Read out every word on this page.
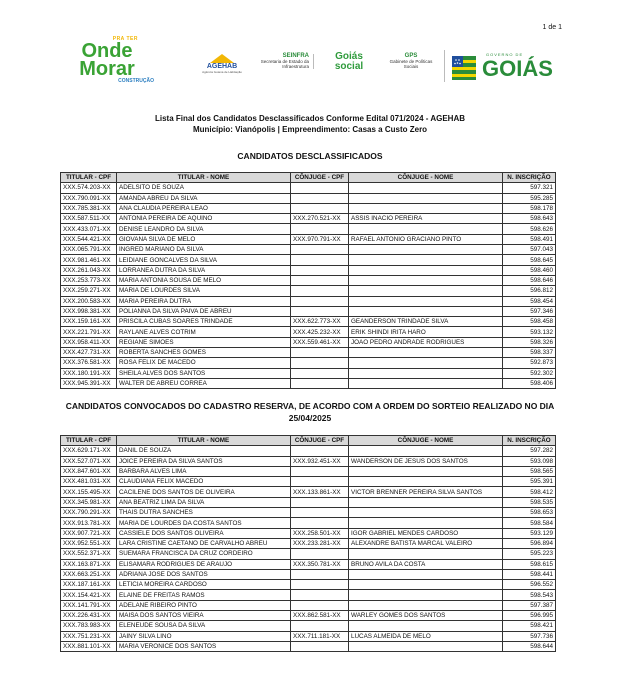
1 de 1
PRA TER
Onde
Morar
CONSTRUÇÃO
AGEHAB
Agência Goiana de Habitação
SEINFRA
Secretaria de Estado da Infraestrutura
Goiás
social
GPS
Gabinete de Políticas Sociais
GOVERNO DE
GOIÁS
Lista Final dos Candidatos Desclassificados Conforme Edital 071/2024 - AGEHAB
Município: Vianópolis | Empreendimento: Casas a Custo Zero
CANDIDATOS DESCLASSIFICADOS
TITULAR - CPF	TITULAR - NOME	CÔNJUGE - CPF	CÔNJUGE - NOME	N. INSCRIÇÃO
XXX.574.203-XX	ADELSITO DE SOUZA			597.321
XXX.790.091-XX	AMANDA ABREU DA SILVA			595.285
XXX.785.381-XX	ANA CLAUDIA PEREIRA LEAO			598.178
XXX.587.511-XX	ANTONIA PEREIRA DE AQUINO	XXX.270.521-XX	ASSIS INACIO PEREIRA	598.643
XXX.433.071-XX	DENISE LEANDRO DA SILVA			598.626
XXX.544.421-XX	GIOVANA SILVA DE MELO	XXX.970.791-XX	RAFAEL ANTONIO GRACIANO PINTO	598.491
XXX.065.791-XX	INGRED MARIANO DA SILVA			597.043
XXX.981.461-XX	LEIDIANE GONCALVES DA SILVA			598.645
XXX.261.043-XX	LORRANEA DUTRA DA SILVA			598.460
XXX.253.773-XX	MARIA ANTONIA SOUSA DE MELO			598.646
XXX.259.271-XX	MARIA DE LOURDES SILVA			596.812
XXX.200.583-XX	MARIA PEREIRA DUTRA			598.454
XXX.998.381-XX	POLIANNA DA SILVA PAIVA DE ABREU			597.346
XXX.159.161-XX	PRISCILA CUBAS SOARES TRINDADE	XXX.622.773-XX	GEANDERSON TRINDADE SILVA	598.458
XXX.221.791-XX	RAYLANE ALVES COTRIM	XXX.425.232-XX	ERIK SHINDI IRITA HARO	593.132
XXX.958.411-XX	REGIANE SIMOES	XXX.559.461-XX	JOAO PEDRO ANDRADE RODRIGUES	598.326
XXX.427.731-XX	ROBERTA SANCHES GOMES			598.337
XXX.376.581-XX	ROSA FELIX DE MACEDO			592.873
XXX.180.191-XX	SHEILA ALVES DOS SANTOS			592.302
XXX.945.391-XX	WALTER DE ABREU CORREA			598.406
CANDIDATOS CONVOCADOS DO CADASTRO RESERVA, DE ACORDO COM A ORDEM DO SORTEIO REALIZADO NO DIA
25/04/2025
TITULAR - CPF	TITULAR - NOME	CÔNJUGE - CPF	CÔNJUGE - NOME	N. INSCRIÇÃO
XXX.629.171-XX	DANIL DE SOUZA			597.282
XXX.527.071-XX	JOICE PEREIRA DA SILVA SANTOS	XXX.932.451-XX	WANDERSON DE JESUS DOS SANTOS	593.098
XXX.847.601-XX	BARBARA ALVES LIMA			598.565
XXX.481.031-XX	CLAUDIANA FELIX MACEDO			595.391
XXX.155.495-XX	CACILENE DOS SANTOS DE OLIVEIRA	XXX.133.861-XX	VICTOR BRENNER PEREIRA SILVA SANTOS	598.412
XXX.345.981-XX	ANA BEATRIZ LIMA DA SILVA			598.535
XXX.790.291-XX	THAIS DUTRA SANCHES			598.653
XXX.913.781-XX	MARIA DE LOURDES DA COSTA SANTOS			598.584
XXX.907.721-XX	CASSIELE DOS SANTOS OLIVEIRA	XXX.258.501-XX	IGOR GABRIEL MENDES CARDOSO	593.129
XXX.952.551-XX	LARA CRISTINE CAETANO DE CARVALHO ABREU	XXX.233.281-XX	ALEXANDRE BATISTA MARCAL VALEIRO	596.894
XXX.552.371-XX	SUEMARA FRANCISCA DA CRUZ CORDEIRO			595.223
XXX.163.871-XX	ELISAMARA RODRIGUES DE ARAUJO	XXX.350.781-XX	BRUNO AVILA DA COSTA	598.615
XXX.663.251-XX	ADRIANA JOSE DOS SANTOS			598.441
XXX.187.161-XX	LETICIA MOREIRA CARDOSO			596.552
XXX.154.421-XX	ELAINE DE FREITAS RAMOS			598.543
XXX.141.791-XX	ADELANE RIBEIRO PINTO			597.387
XXX.226.431-XX	MAISA DOS SANTOS VIEIRA	XXX.862.581-XX	WARLEY GOMES DOS SANTOS	596.995
XXX.783.983-XX	ELENEUDE SOUSA DA SILVA			598.421
XXX.751.231-XX	JAINY SILVA LINO	XXX.711.181-XX	LUCAS ALMEIDA DE MELO	597.736
XXX.881.101-XX	MARIA VERONICE DOS SANTOS			598.644
